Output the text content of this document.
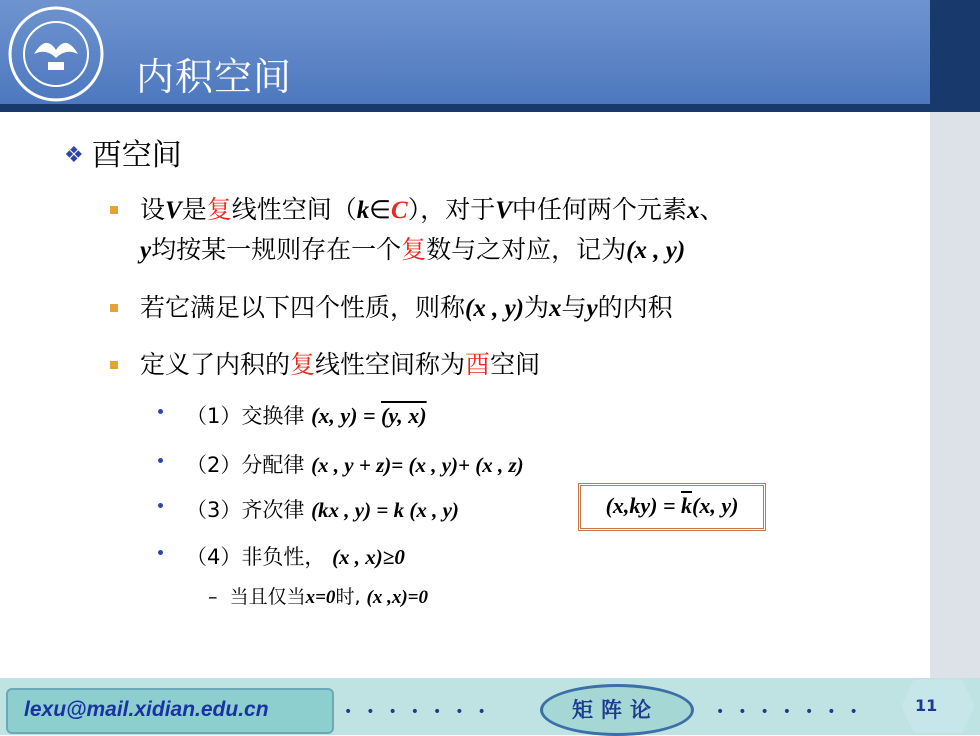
内积空间
❖ 酉空间
设V是复线性空间（k∈C），对于V中任何两个元素x、
y均按某一规则存在一个复数与之对应，记为(x , y)
若它满足以下四个性质，则称(x , y)为x与y的内积
定义了内积的复线性空间称为酉空间
（1）交换律 (x, y) = (y, x)
（2）分配律 (x , y + z)= (x , y)+ (x , z)
（3）齐次律 (kx , y) = k (x , y)	$(x,ky) = \overline{k}(x$, y)
（4）非负性， (x , x)≥0
–  当且仅当x=0时, (x ,x)=0
lexu@mail.xidian.edu.cn	•••••••	矩阵论	•••••••	11
